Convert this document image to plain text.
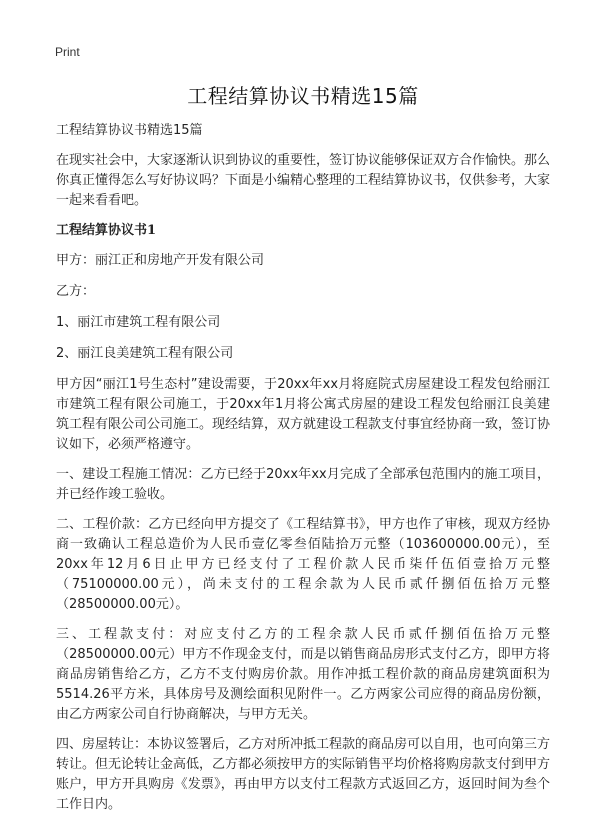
Print
工程结算协议书精选15篇
工程结算协议书精选15篇

在现实社会中，大家逐渐认识到协议的重要性，签订协议能够保证双方合作愉快。那么你真正懂得怎么写好协议吗？下面是小编精心整理的工程结算协议书，仅供参考，大家一起来看看吧。

工程结算协议书1
甲方：丽江正和房地产开发有限公司
乙方：
1、丽江市建筑工程有限公司
2、丽江良美建筑工程有限公司

甲方因“丽江1号生态村”建设需要，于20xx年xx月将庭院式房屋建设工程发包给丽江市建筑工程有限公司施工，于20xx年1月将公寓式房屋的建设工程发包给丽江良美建筑工程有限公司公司施工。现经结算，双方就建设工程款支付事宜经协商一致，签订协议如下，必须严格遵守。

一、建设工程施工情况：乙方已经于20xx年xx月完成了全部承包范围内的施工项目，并已经作竣工验收。

二、工程价款：乙方已经向甲方提交了《工程结算书》，甲方也作了审核，现双方经协商一致确认工程总造价为人民币壹亿零叁佰陆拾万元整（103600000.00元），至20xx年12月6日止甲方已经支付了工程价款人民币柒仟伍佰壹拾万元整（75100000.00元），尚未支付的工程余款为人民币贰仟捌佰伍拾万元整（28500000.00元）。

三、工程款支付：对应支付乙方的工程余款人民币贰仟捌佰伍拾万元整（28500000.00元）甲方不作现金支付，而是以销售商品房形式支付乙方，即甲方将商品房销售给乙方，乙方不支付购房价款。用作冲抵工程价款的商品房建筑面积为5514.26平方米，具体房号及测绘面积见附件一。乙方两家公司应得的商品房份额，由乙方两家公司自行协商解决，与甲方无关。

四、房屋转让：本协议签署后，乙方对所冲抵工程款的商品房可以自用，也可向第三方转让。但无论转让金高低，乙方都必须按甲方的实际销售平均价格将购房款支付到甲方账户，甲方开具购房《发票》，再由甲方以支付工程款方式返回乙方，返回时间为叁个工作日内。
